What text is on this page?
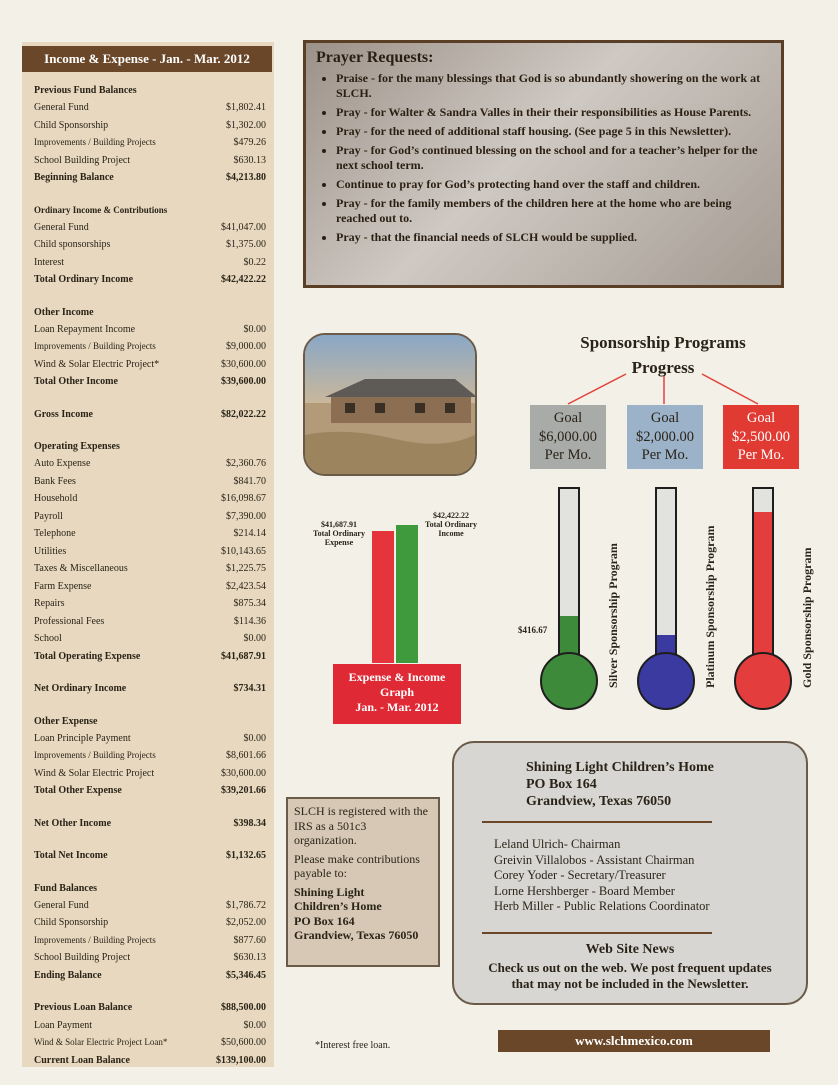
Income & Expense - Jan. - Mar. 2012
Previous Fund Balances
General Fund	$1,802.41
Child Sponsorship	$1,302.00
Improvements / Building Projects	$479.26
School Building Project	$630.13
Beginning Balance	$4,213.80
Ordinary Income & Contributions
General Fund	$41,047.00
Child sponsorships	$1,375.00
Interest	$0.22
Total Ordinary Income	$42,422.22
Other Income
Loan Repayment Income	$0.00
Improvements / Building Projects	$9,000.00
Wind & Solar Electric Project*	$30,600.00
Total Other Income	$39,600.00
Gross Income	$82,022.22
Operating Expenses
Auto Expense	$2,360.76
Bank Fees	$841.70
Household	$16,098.67
Payroll	$7,390.00
Telephone	$214.14
Utilities	$10,143.65
Taxes & Miscellaneous	$1,225.75
Farm Expense	$2,423.54
Repairs	$875.34
Professional Fees	$114.36
School	$0.00
Total Operating Expense	$41,687.91
Net Ordinary Income	$734.31
Other Expense
Loan Principle Payment	$0.00
Improvements / Building Projects	$8,601.66
Wind & Solar Electric Project	$30,600.00
Total Other Expense	$39,201.66
Net Other Income	$398.34
Total Net Income	$1,132.65
Fund Balances
General Fund	$1,786.72
Child Sponsorship	$2,052.00
Improvements / Building Projects	$877.60
School Building Project	$630.13
Ending Balance	$5,346.45
Previous Loan Balance	$88,500.00
Loan Payment	$0.00
Wind & Solar Electric Project Loan*	$50,600.00
Current Loan Balance	$139,100.00
Prayer Requests:
• Praise - for the many blessings that God is so abundantly showering on the work at SLCH.
• Pray - for Walter & Sandra Valles in their their responsibilities as House Parents.
• Pray - for the need of additional staff housing. (See page 5 in this Newsletter).
• Pray - for God’s continued blessing on the school and for a teacher’s helper for the next school term.
• Continue to pray for God’s protecting hand over the staff and children.
• Pray - for the family members of the children here at the home who are being reached out to.
• Pray - that the financial needs of SLCH would be supplied.
$41,687.91
Total Ordinary Expense
$42,422.22
Total Ordinary Income
Expense & Income
Graph
Jan. - Mar. 2012
Sponsorship Programs
Progress
Goal
$6,000.00
Per Mo.
Goal
$2,000.00
Per Mo.
Goal
$2,500.00
Per Mo.
Silver Sponsorship Program
$416.67	Platinum Sponsorship Program	Gold Sponsorship Program
SLCH is registered with the IRS as a 501c3 organization.
Please make contributions payable to:
Shining Light
Children’s Home
PO Box 164
Grandview, Texas 76050
Shining Light Children’s Home
PO Box 164
Grandview, Texas 76050
Leland Ulrich- Chairman
Greivin Villalobos - Assistant Chairman
Corey Yoder - Secretary/Treasurer
Lorne Hershberger - Board Member
Herb Miller - Public Relations Coordinator
Web Site News
Check us out on the web. We post frequent updates
that may not be included in the Newsletter.
www.slchmexico.com
*Interest free loan.
